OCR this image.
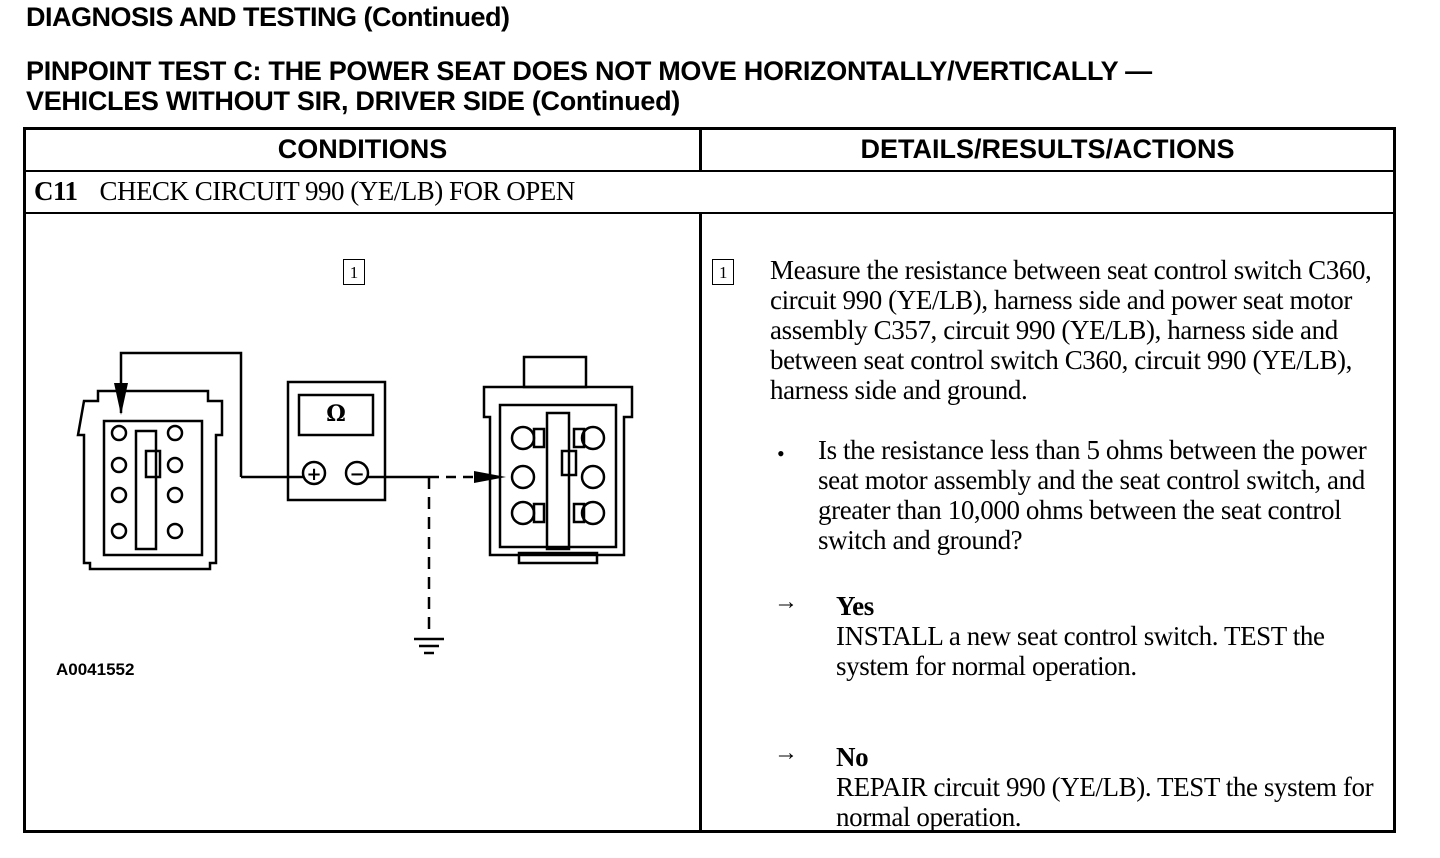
DIAGNOSIS AND TESTING (Continued)
PINPOINT TEST C: THE POWER SEAT DOES NOT MOVE HORIZONTALLY/VERTICALLY —
VEHICLES WITHOUT SIR, DRIVER SIDE (Continued)
CONDITIONS	DETAILS/RESULTS/ACTIONS
C11 CHECK CIRCUIT 990 (YE/LB) FOR OPEN
1
Ω
+ −
A0041552
1 Measure the resistance between seat control switch C360, circuit 990 (YE/LB), harness side and power seat motor assembly C357, circuit 990 (YE/LB), harness side and between seat control switch C360, circuit 990 (YE/LB), harness side and ground.
• Is the resistance less than 5 ohms between the power seat motor assembly and the seat control switch, and greater than 10,000 ohms between the seat control switch and ground?
→ Yes
INSTALL a new seat control switch. TEST the system for normal operation.
→ No
REPAIR circuit 990 (YE/LB). TEST the system for normal operation.
